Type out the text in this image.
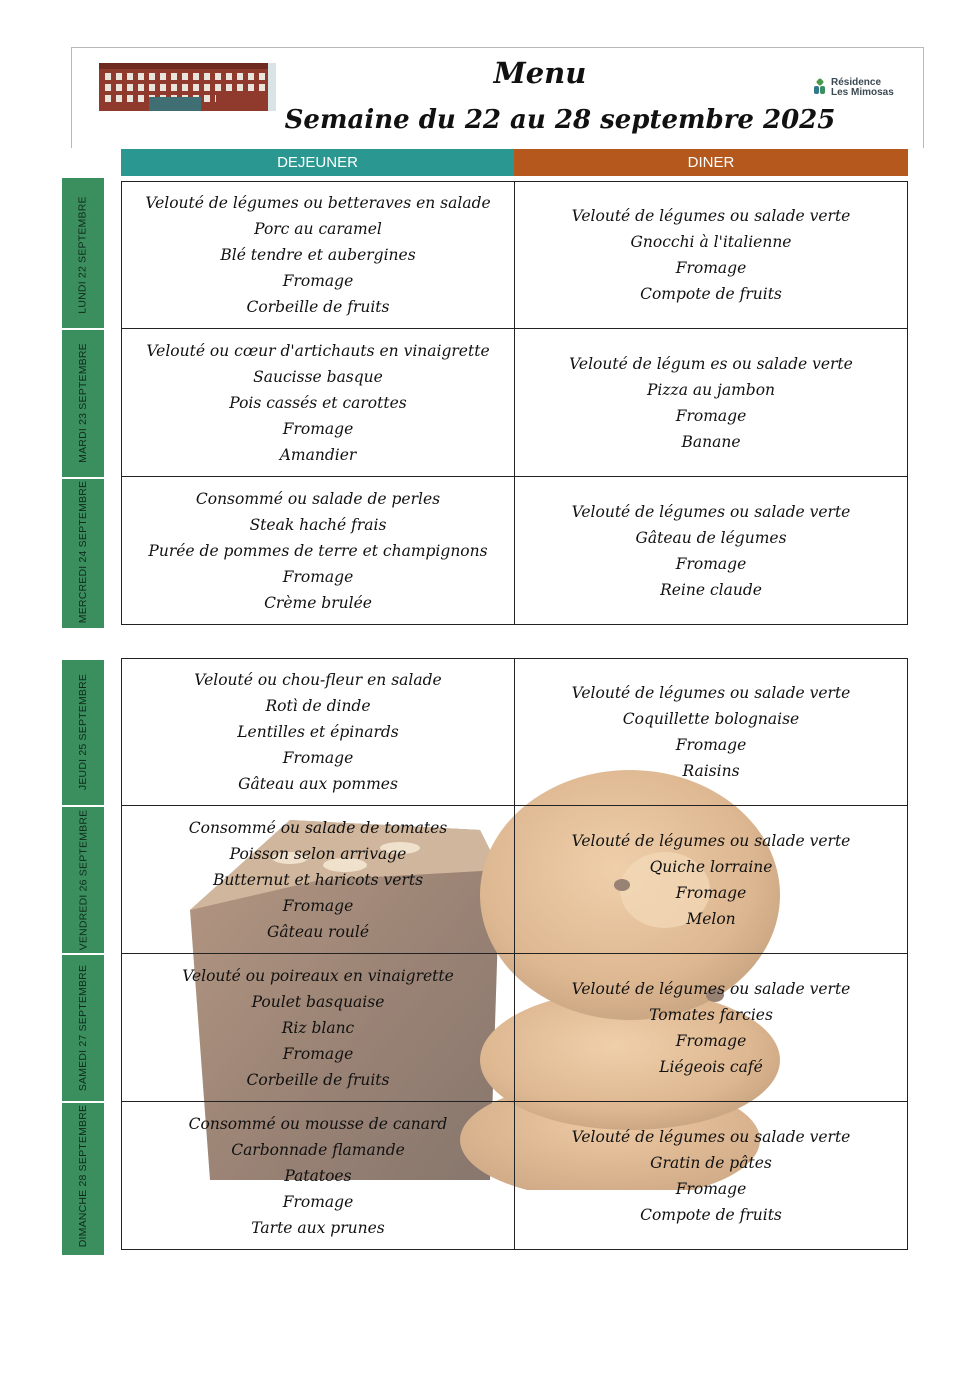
Résidence
Les Mimosas
Menu
Semaine du 22 au 28 septembre 2025
DEJEUNER	DINER
Velouté de légumes ou betteraves en salade
Porc au caramel
Blé tendre et aubergines
Fromage
Corbeille de fruits
Velouté de légumes ou salade verte
Gnocchi à l'italienne
Fromage
Compote de fruits
Velouté ou cœur d'artichauts en vinaigrette
Saucisse basque
Pois cassés et carottes
Fromage
Amandier
Velouté de légum es ou salade verte
Pizza au jambon
Fromage
Banane
Consommé ou salade de perles
Steak haché frais
Purée de pommes de terre et champignons
Fromage
Crème brulée
Velouté de légumes ou salade verte
Gâteau de légumes
Fromage
Reine claude
Velouté ou chou-fleur en salade
Rotì de dinde
Lentilles et épinards
Fromage
Gâteau aux pommes
Velouté de légumes ou salade verte
Coquillette bolognaise
Fromage
Raisins
Consommé ou salade de tomates
Poisson selon arrivage
Butternut et haricots verts
Fromage
Gâteau roulé
Velouté de légumes ou salade verte
Quiche lorraine
Fromage
Melon
Velouté ou poireaux en vinaigrette
Poulet basquaise
Riz blanc
Fromage
Corbeille de fruits
Velouté de légumes ou salade verte
Tomates farcies
Fromage
Liégeois café
Consommé ou mousse de canard
Carbonnade flamande
Patatoes
Fromage
Tarte aux prunes
Velouté de légumes ou salade verte
Gratin de pâtes
Fromage
Compote de fruits
LUNDI 22 SEPTEMBRE
MARDI 23 SEPTEMBRE
MERCREDI 24 SEPTEMBRE
JEUDI 25 SEPTEMBRE
VENDREDI 26 SEPTEMBRE
SAMEDI 27 SEPTEMBRE
DIMANCHE 28 SEPTEMBRE
